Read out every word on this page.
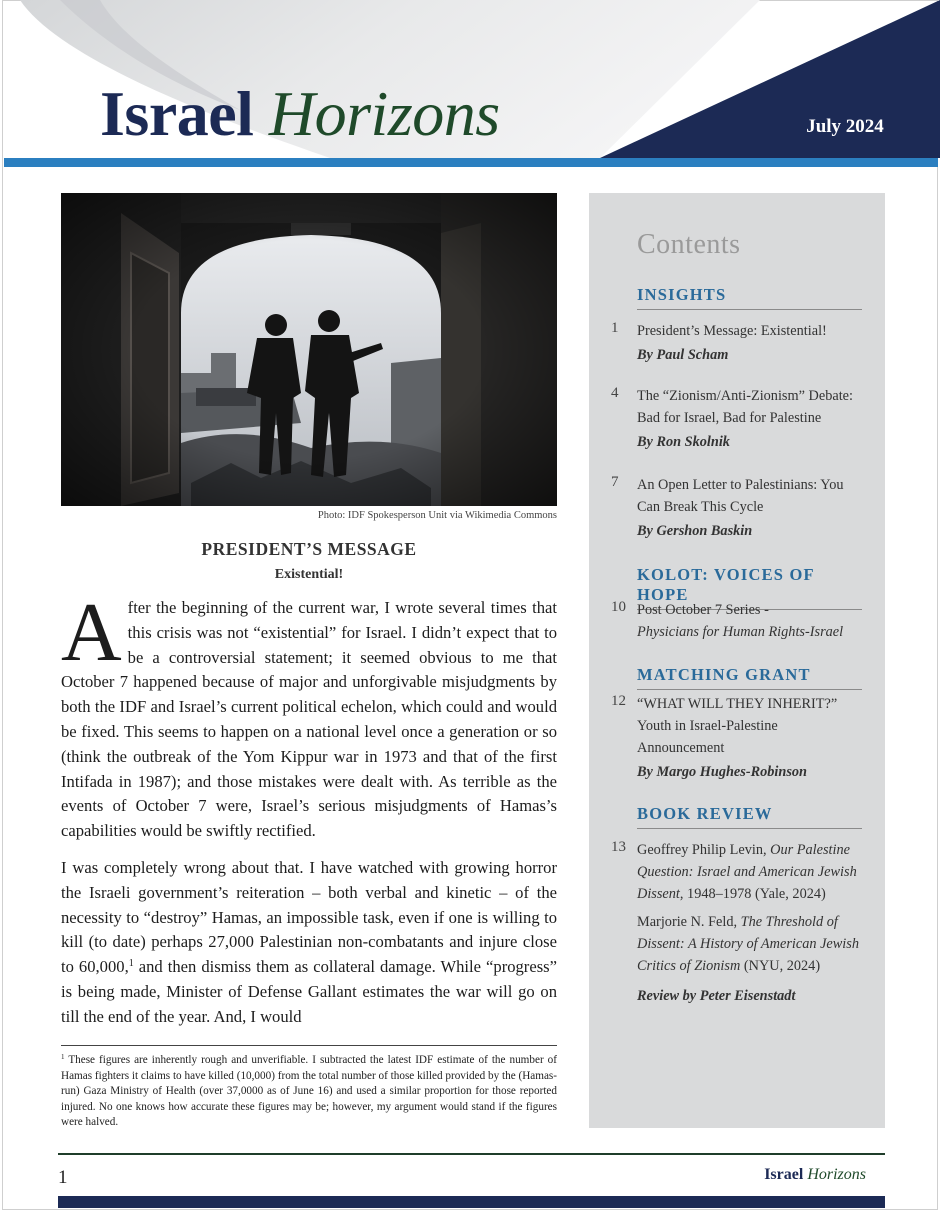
Israel Horizons	July 2024
Photo: IDF Spokesperson Unit via Wikimedia Commons
PRESIDENT’S MESSAGE
Existential!

After the beginning of the current war, I wrote several times that this crisis was not “existential” for Israel. I didn’t expect that to be a controversial statement; it seemed obvious to me that October 7 happened because of major and unforgivable misjudgments by both the IDF and Israel’s current political echelon, which could and would be fixed. This seems to happen on a national level once a generation or so (think the outbreak of the Yom Kippur war in 1973 and that of the first Intifada in 1987); and those mistakes were dealt with. As terrible as the events of October 7 were, Israel’s serious misjudgments of Hamas’s capabilities would be swiftly rectified.

I was completely wrong about that. I have watched with growing horror the Israeli government’s reiteration – both verbal and kinetic – of the necessity to “destroy” Hamas, an impossible task, even if one is willing to kill (to date) perhaps 27,000 Palestinian non-combatants and injure close to 60,000,$^1$ and then dismiss them as collateral damage. While “progress” is being made, Minister of Defense Gallant estimates the war will go on till the end of the year. And, I would

$^1$ These figures are inherently rough and unverifiable. I subtracted the latest IDF estimate of the number of Hamas fighters it claims to have killed (10,000) from the total number of those killed provided by the (Hamas-run) Gaza Ministry of Health (over 37,0000 as of June 16) and used a similar proportion for those reported injured. No one knows how accurate these figures may be; however, my argument would stand if the figures were halved.
Contents
INSIGHTS
1 President’s Message: Existential!
By Paul Scham
4 The “Zionism/Anti-Zionism” Debate: Bad for Israel, Bad for Palestine
By Ron Skolnik
7 An Open Letter to Palestinians: You Can Break This Cycle
By Gershon Baskin
KOLOT: VOICES OF HOPE
10 Post October 7 Series -
Physicians for Human Rights-Israel
MATCHING GRANT
12 “WHAT WILL THEY INHERIT?” Youth in Israel-Palestine Announcement
By Margo Hughes-Robinson
BOOK REVIEW
13 Geoffrey Philip Levin, Our Palestine Question: Israel and American Jewish Dissent, 1948–1978 (Yale, 2024)
Marjorie N. Feld, The Threshold of Dissent: A History of American Jewish Critics of Zionism (NYU, 2024)
Review by Peter Eisenstadt
1	Israel Horizons
